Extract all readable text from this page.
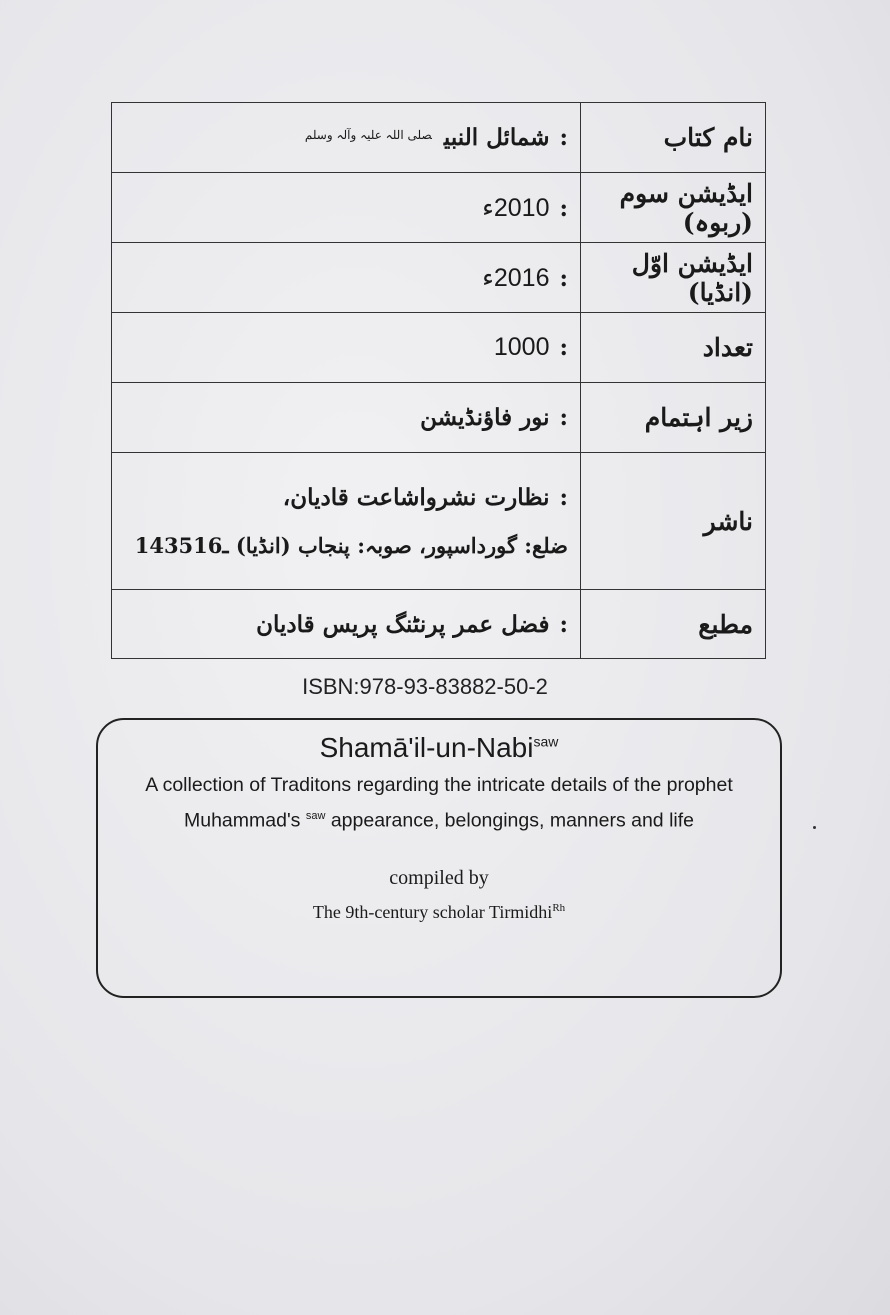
:شمائل النبی$^{صلی اللہ علیہ وآلہ وسلم}$	نام کتاب
:2010ء	ایڈیشن سوم (ربوہ)
:2016ء	ایڈیشن اوّل (انڈیا)
:1000	تعداد
:نور فاؤنڈیشن	زیر اہتمام

:نظارت نشرواشاعت قادیان،
ضلع: گورداسپور، صوبہ: پنجاب (انڈیا) ـ143516	ناشر
:فضل عمر پرنٹنگ پریس قادیان	مطبع
ISBN:978-93-83882-50-2
Shamā'il-un-Nabi$^{saw}$
A collection of Traditons regarding the intricate details of the prophet Muhammad's $^{saw}$ appearance, belongings, manners and life
compiled by
The 9th-century scholar Tirmidhi$^{Rh}$
